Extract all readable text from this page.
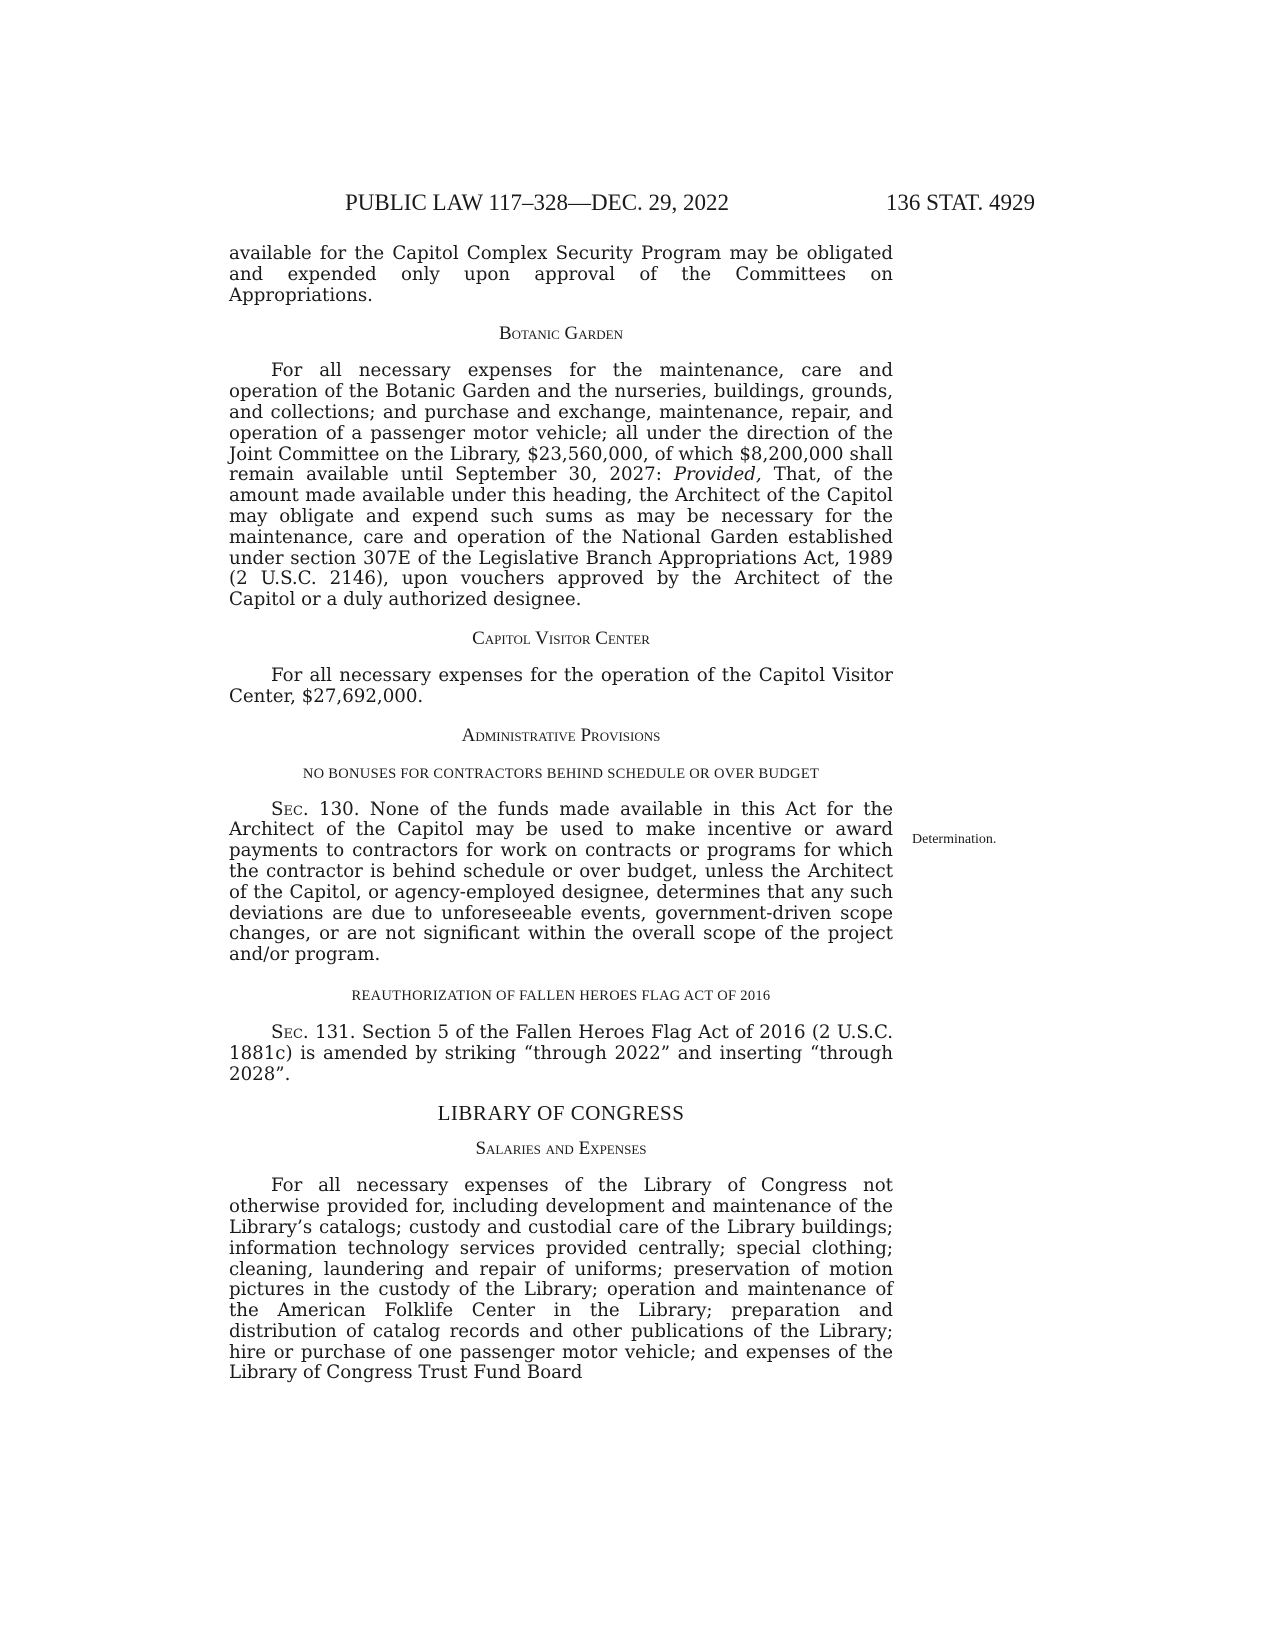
PUBLIC LAW 117–328—DEC. 29, 2022	136 STAT. 4929
Determination.

available for the Capitol Complex Security Program may be obligated and expended only upon approval of the Committees on Appropriations.

Botanic Garden

For all necessary expenses for the maintenance, care and operation of the Botanic Garden and the nurseries, buildings, grounds, and collections; and purchase and exchange, maintenance, repair, and operation of a passenger motor vehicle; all under the direction of the Joint Committee on the Library, $23,560,000, of which $8,200,000 shall remain available until September 30, 2027: Provided, That, of the amount made available under this heading, the Architect of the Capitol may obligate and expend such sums as may be necessary for the maintenance, care and operation of the National Garden established under section 307E of the Legislative Branch Appropriations Act, 1989 (2 U.S.C. 2146), upon vouchers approved by the Architect of the Capitol or a duly authorized designee.

Capitol Visitor Center

For all necessary expenses for the operation of the Capitol Visitor Center, $27,692,000.

Administrative Provisions

NO BONUSES FOR CONTRACTORS BEHIND SCHEDULE OR OVER BUDGET

Sec. 130. None of the funds made available in this Act for the Architect of the Capitol may be used to make incentive or award payments to contractors for work on contracts or programs for which the contractor is behind schedule or over budget, unless the Architect of the Capitol, or agency-employed designee, determines that any such deviations are due to unforeseeable events, government-driven scope changes, or are not significant within the overall scope of the project and/or program.

REAUTHORIZATION OF FALLEN HEROES FLAG ACT OF 2016

Sec. 131. Section 5 of the Fallen Heroes Flag Act of 2016 (2 U.S.C. 1881c) is amended by striking “through 2022” and inserting “through 2028”.

LIBRARY OF CONGRESS

Salaries and Expenses

For all necessary expenses of the Library of Congress not otherwise provided for, including development and maintenance of the Library’s catalogs; custody and custodial care of the Library buildings; information technology services provided centrally; special clothing; cleaning, laundering and repair of uniforms; preservation of motion pictures in the custody of the Library; operation and maintenance of the American Folklife Center in the Library; preparation and distribution of catalog records and other publications of the Library; hire or purchase of one passenger motor vehicle; and expenses of the Library of Congress Trust Fund Board
